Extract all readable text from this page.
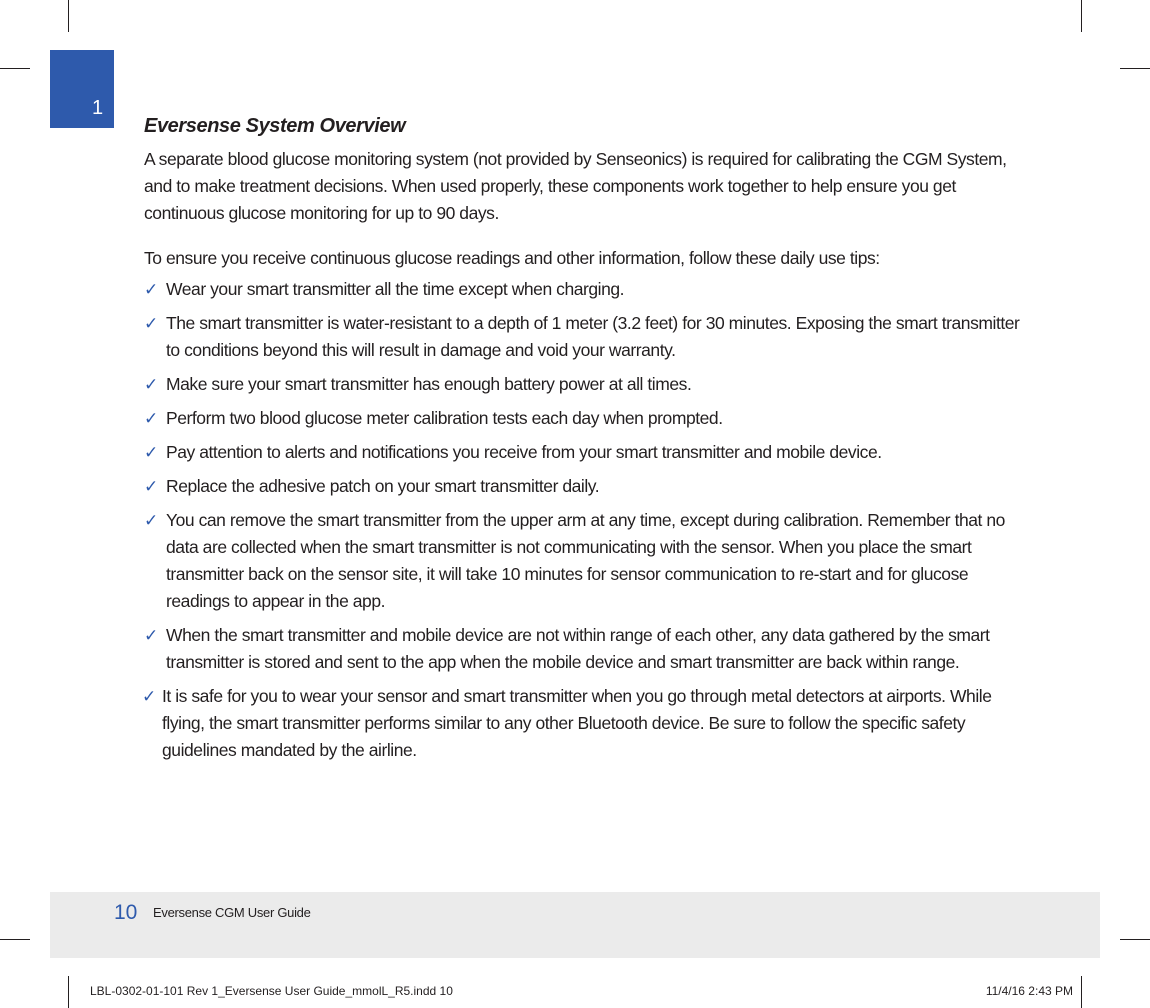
1
Eversense System Overview

A separate blood glucose monitoring system (not provided by Senseonics) is required for calibrating the CGM System, and to make treatment decisions. When used properly, these components work together to help ensure you get continuous glucose monitoring for up to 90 days.

To ensure you receive continuous glucose readings and other information, follow these daily use tips:

✓ Wear your smart transmitter all the time except when charging.
✓ The smart transmitter is water-resistant to a depth of 1 meter (3.2 feet) for 30 minutes. Exposing the smart transmitter to conditions beyond this will result in damage and void your warranty.
✓ Make sure your smart transmitter has enough battery power at all times.
✓ Perform two blood glucose meter calibration tests each day when prompted.
✓ Pay attention to alerts and notifications you receive from your smart transmitter and mobile device.
✓ Replace the adhesive patch on your smart transmitter daily.
✓ You can remove the smart transmitter from the upper arm at any time, except during calibration. Remember that no data are collected when the smart transmitter is not communicating with the sensor. When you place the smart transmitter back on the sensor site, it will take 10 minutes for sensor communication to re-start and for glucose readings to appear in the app.
✓ When the smart transmitter and mobile device are not within range of each other, any data gathered by the smart transmitter is stored and sent to the app when the mobile device and smart transmitter are back within range.
✓ It is safe for you to wear your sensor and smart transmitter when you go through metal detectors at airports. While flying, the smart transmitter performs similar to any other Bluetooth device. Be sure to follow the specific safety guidelines mandated by the airline.
10 Eversense CGM User Guide
LBL-0302-01-101 Rev 1_Eversense User Guide_mmolL_R5.indd 10	11/4/16 2:43 PM
